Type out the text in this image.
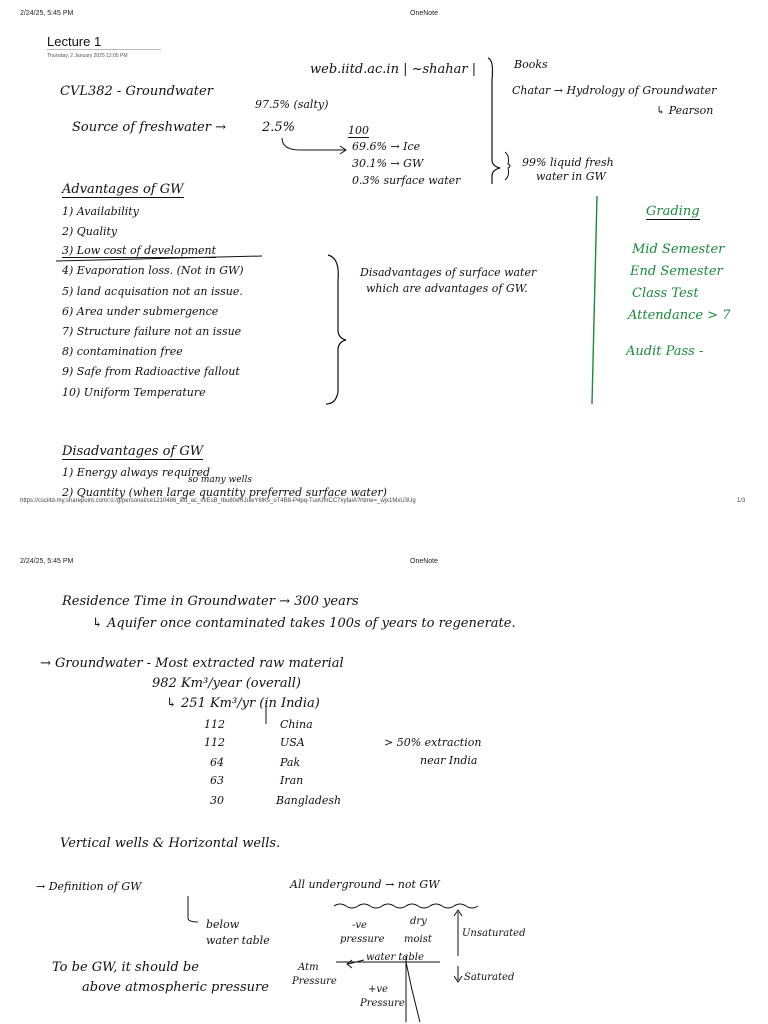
2/24/25, 5:45 PM	OneNote
Lecture 1
Thursday, 2 January 2025 12:05 PM
web.iitd.ac.in | ~shahar |	Books
Chatar → Hydrology of Groundwater
↳ Pearson
CVL382 - Groundwater
97.5% (salty)
Source of freshwater →	2.5%	100
69.6% → Ice
30.1% → GW
0.3% surface water
99% liquid fresh
water in GW
Advantages of GW
1) Availability
2) Quality
3) Low cost of development
4) Evaporation loss. (Not in GW)
5) land acquisation not an issue.
6) Area under submergence
7) Structure failure not an issue
8) contamination free
9) Safe from Radioactive fallout
10) Uniform Temperature
Disadvantages of surface water
which are advantages of GW.
Grading
Mid Semester
End Semester
Class Test
Attendance > 7
Audit Pass -
Disadvantages of GW
1) Energy always required
so many wells
2) Quantity (when large quantity preferred surface water)
https://csciitd-my.sharepoint.com/:o:/g/personal/ce1210486_iitd_ac_in/EsB_tbu80eRJuwY8lKs_oT4B8-P4pq-TuoUmCC7xyfalA?rtime=_wjx1MxU3Ug	1/3
2/24/25, 5:45 PM	OneNote
Residence Time in Groundwater → 300 years
↳ Aquifer once contaminated takes 100s of years to regenerate.
→ Groundwater - Most extracted raw material
982 Km³/year (overall)
↳ 251 Km³/yr (in India)
112	China
112	USA
64	Pak
63	Iran
30	Bangladesh
> 50% extraction
near India
Vertical wells & Horizontal wells.
→ Definition of GW	All underground → not GW
below
water table
To be GW, it should be
above atmospheric pressure
-ve
pressure
dry
moist
Unsaturated
water table
Atm
Pressure	Saturated
+ve
Pressure
